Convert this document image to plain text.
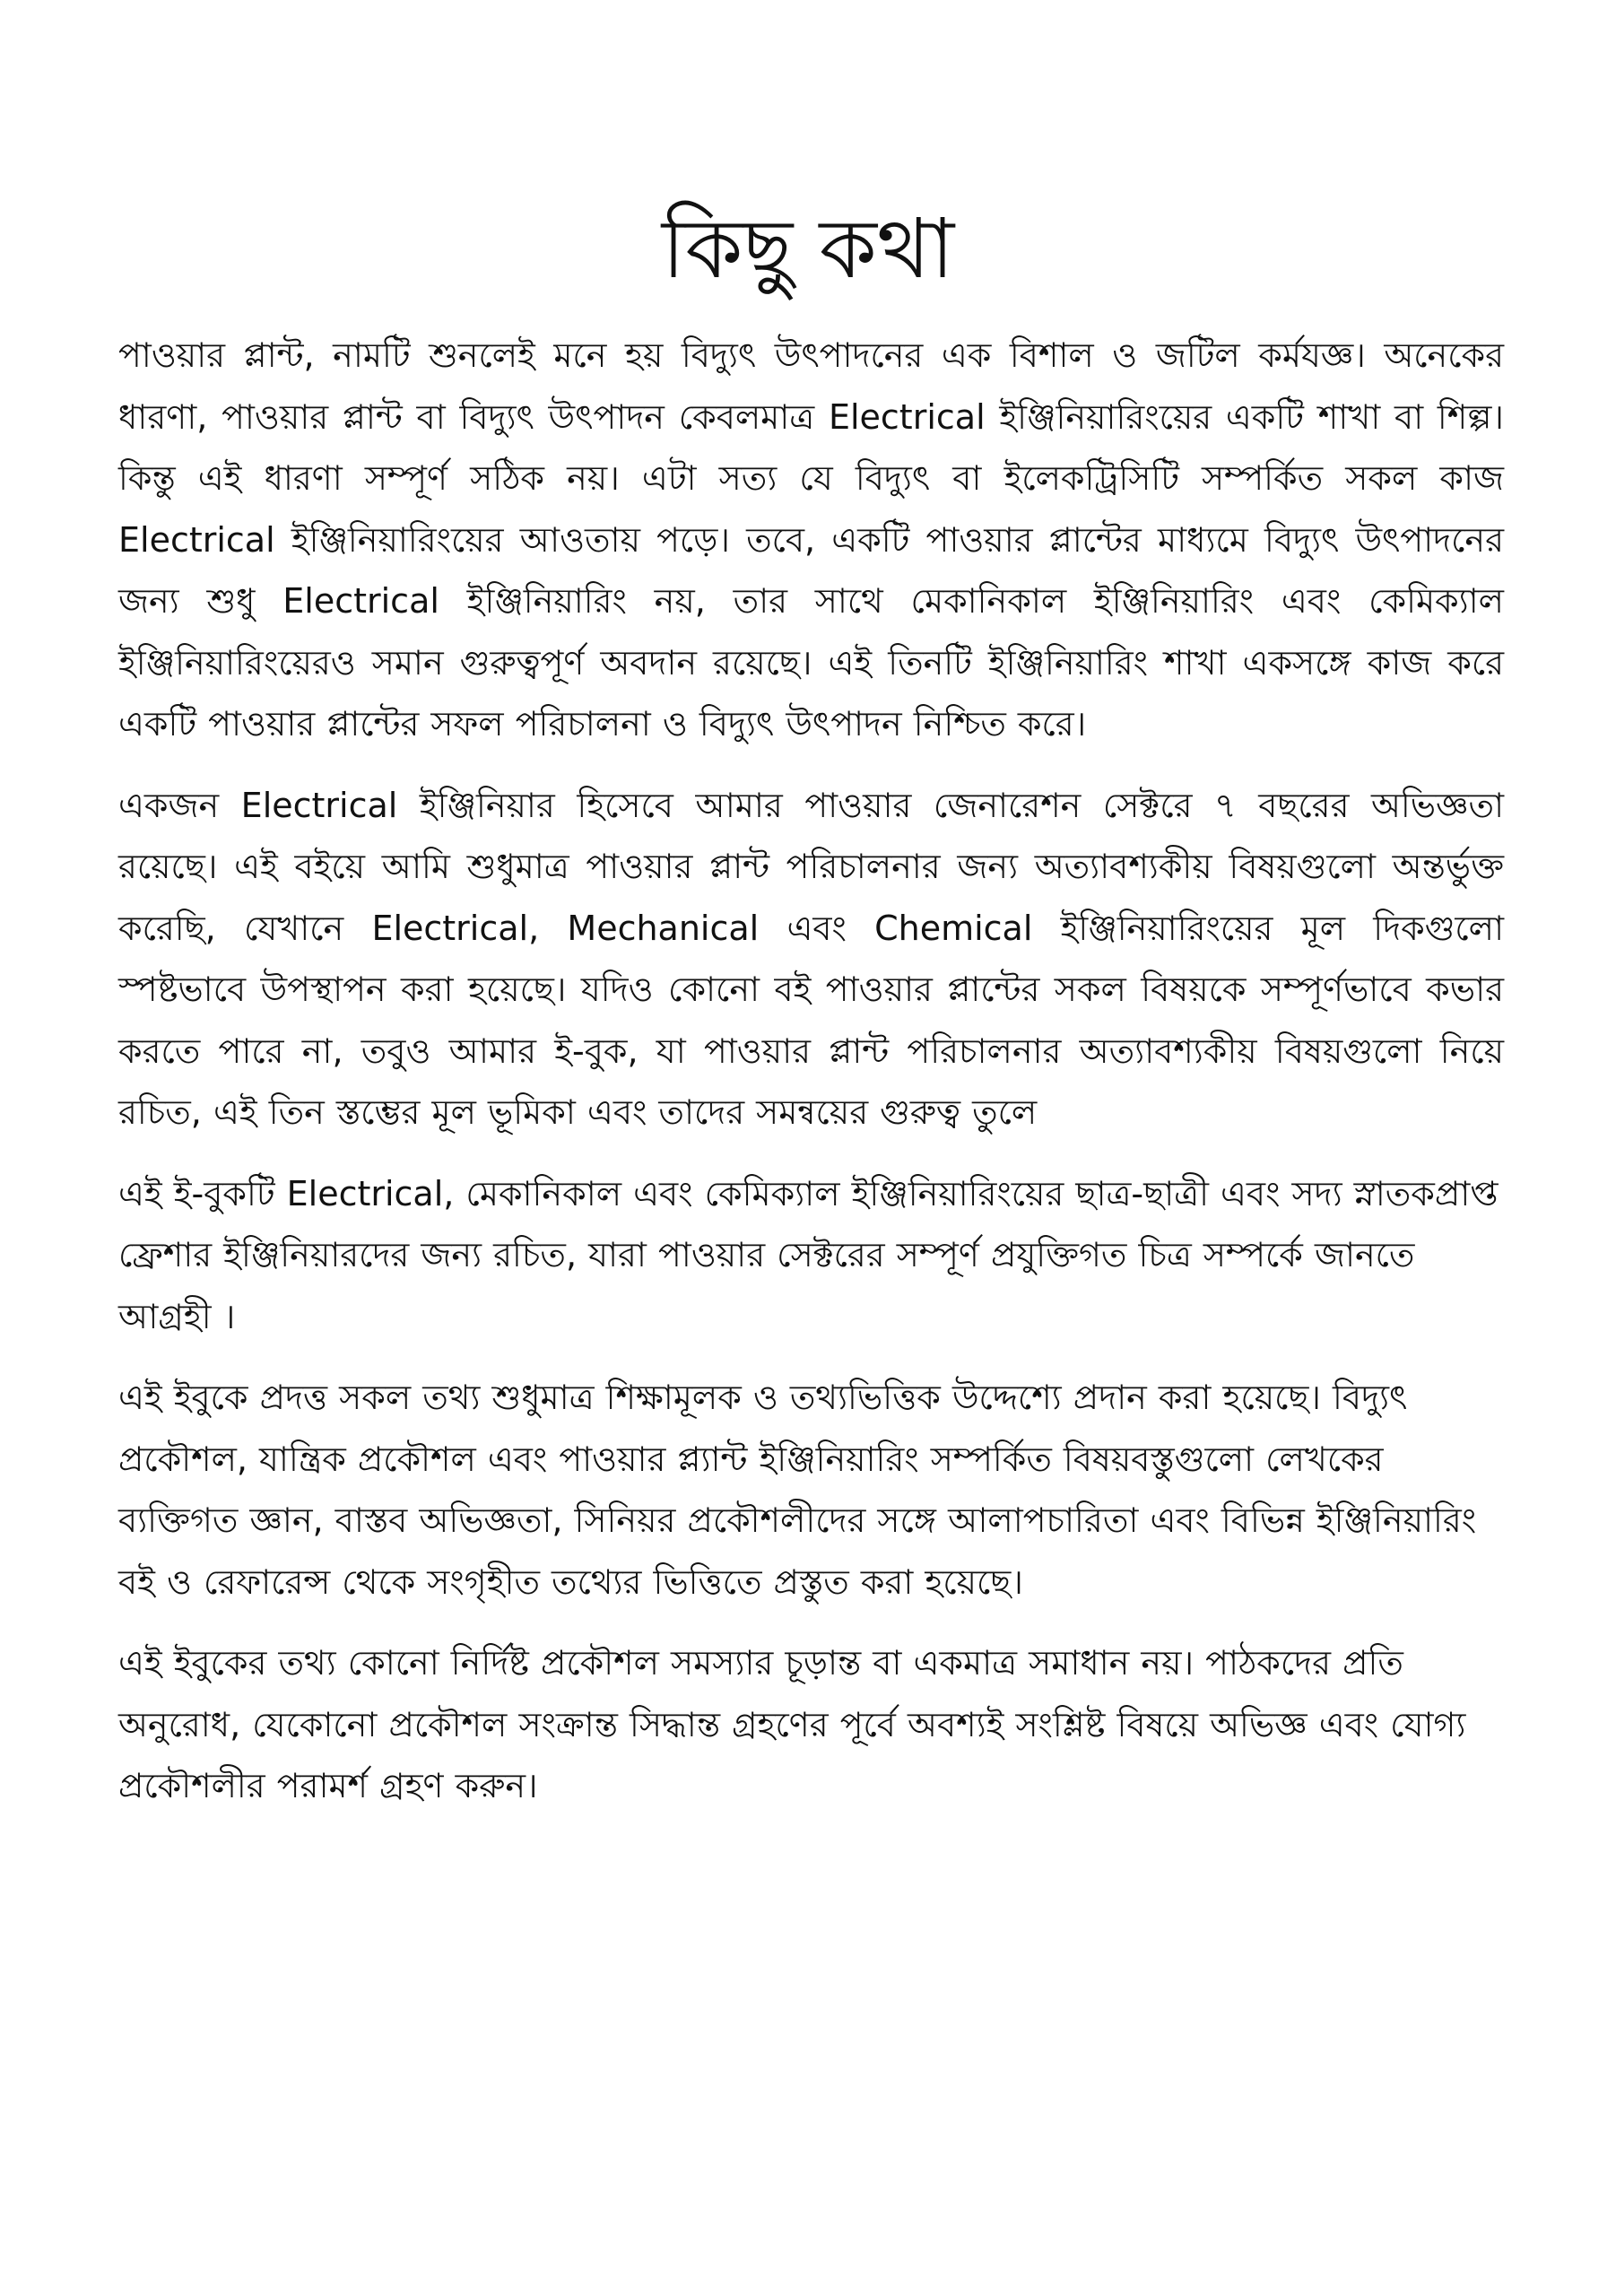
কিছু কথা

পাওয়ার প্লান্ট, নামটি শুনলেই মনে হয় বিদ্যুৎ উৎপাদনের এক বিশাল ও জটিল কর্মযজ্ঞ। অনেকের ধারণা, পাওয়ার প্লান্ট বা বিদ্যুৎ উৎপাদন কেবলমাত্র Electrical ইঞ্জিনিয়ারিংয়ের একটি শাখা বা শিল্প। কিন্তু এই ধারণা সম্পূর্ণ সঠিক নয়। এটা সত্য যে বিদ্যুৎ বা ইলেকট্রিসিটি সম্পর্কিত সকল কাজ Electrical ইঞ্জিনিয়ারিংয়ের আওতায় পড়ে। তবে, একটি পাওয়ার প্লান্টের মাধ্যমে বিদ্যুৎ উৎপাদনের জন্য শুধু Electrical ইঞ্জিনিয়ারিং নয়, তার সাথে মেকানিকাল ইঞ্জিনিয়ারিং এবং কেমিক্যাল ইঞ্জিনিয়ারিংয়েরও সমান গুরুত্বপূর্ণ অবদান রয়েছে। এই তিনটি ইঞ্জিনিয়ারিং শাখা একসঙ্গে কাজ করে একটি পাওয়ার প্লান্টের সফল পরিচালনা ও বিদ্যুৎ উৎপাদন নিশ্চিত করে।

একজন Electrical ইঞ্জিনিয়ার হিসেবে আমার পাওয়ার জেনারেশন সেক্টরে ৭ বছরের অভিজ্ঞতা রয়েছে। এই বইয়ে আমি শুধুমাত্র পাওয়ার প্লান্ট পরিচালনার জন্য অত্যাবশ্যকীয় বিষয়গুলো অন্তর্ভুক্ত করেছি, যেখানে Electrical, Mechanical এবং Chemical ইঞ্জিনিয়ারিংয়ের মূল দিকগুলো স্পষ্টভাবে উপস্থাপন করা হয়েছে। যদিও কোনো বই পাওয়ার প্লান্টের সকল বিষয়কে সম্পূর্ণভাবে কভার করতে পারে না, তবুও আমার ই-বুক, যা পাওয়ার প্লান্ট পরিচালনার অত্যাবশ্যকীয় বিষয়গুলো নিয়ে রচিত, এই তিন স্তম্ভের মূল ভূমিকা এবং তাদের সমন্বয়ের গুরুত্ব তুলে

এই ই-বুকটি Electrical, মেকানিকাল এবং কেমিক্যাল ইঞ্জিনিয়ারিংয়ের ছাত্র-ছাত্রী এবং সদ্য স্নাতকপ্রাপ্ত ফ্রেশার ইঞ্জিনিয়ারদের জন্য রচিত, যারা পাওয়ার সেক্টরের সম্পূর্ণ প্রযুক্তিগত চিত্র সম্পর্কে জানতে আগ্রহী ।

এই ইবুকে প্রদত্ত সকল তথ্য শুধুমাত্র শিক্ষামূলক ও তথ্যভিত্তিক উদ্দেশ্যে প্রদান করা হয়েছে। বিদ্যুৎ প্রকৌশল, যান্ত্রিক প্রকৌশল এবং পাওয়ার প্ল্যান্ট ইঞ্জিনিয়ারিং সম্পর্কিত বিষয়বস্তুগুলো লেখকের ব্যক্তিগত জ্ঞান, বাস্তব অভিজ্ঞতা, সিনিয়র প্রকৌশলীদের সঙ্গে আলাপচারিতা এবং বিভিন্ন ইঞ্জিনিয়ারিং বই ও রেফারেন্স থেকে সংগৃহীত তথ্যের ভিত্তিতে প্রস্তুত করা হয়েছে।

এই ইবুকের তথ্য কোনো নির্দিষ্ট প্রকৌশল সমস্যার চূড়ান্ত বা একমাত্র সমাধান নয়। পাঠকদের প্রতি অনুরোধ, যেকোনো প্রকৌশল সংক্রান্ত সিদ্ধান্ত গ্রহণের পূর্বে অবশ্যই সংশ্লিষ্ট বিষয়ে অভিজ্ঞ এবং যোগ্য প্রকৌশলীর পরামর্শ গ্রহণ করুন।
